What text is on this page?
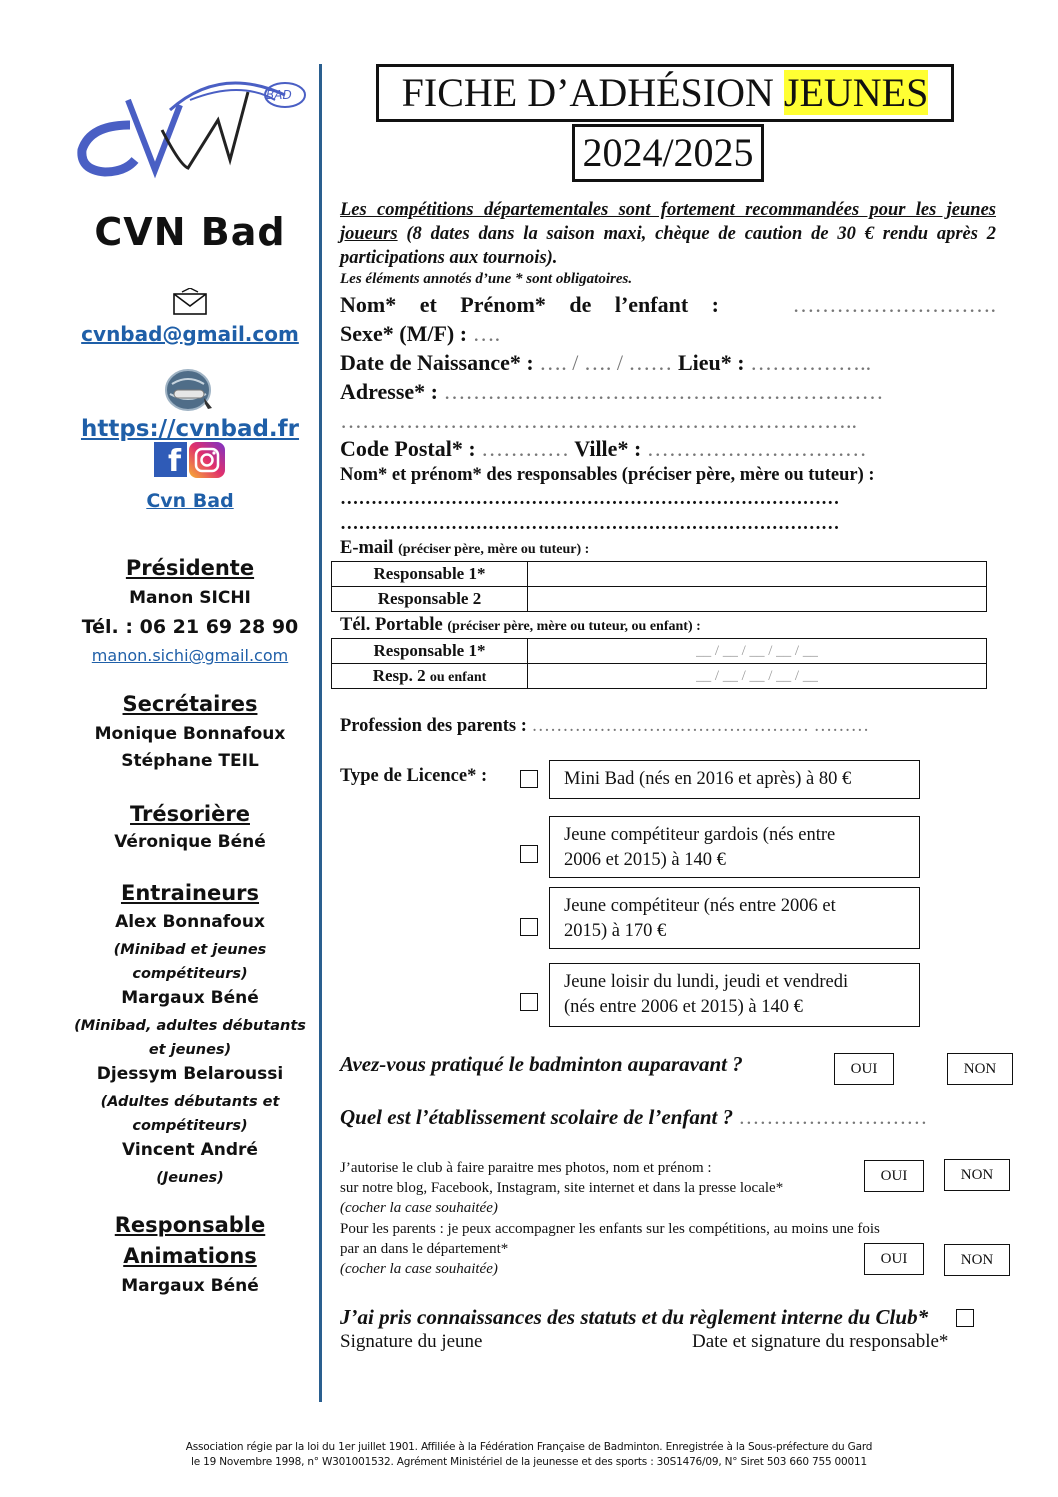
BAD
CVN Bad
cvnbad@gmail.com
https://cvnbad.fr
f
Cvn Bad
Présidente
Manon SICHI
Tél. : 06 21 69 28 90
manon.sichi@gmail.com
Secrétaires
Monique Bonnafoux
Stéphane TEIL
Trésorière
Véronique Béné
Entraineurs
Alex Bonnafoux
(Minibad et jeunes compétiteurs)
Margaux Béné
(Minibad, adultes débutants et jeunes)
Djessym Belaroussi
(Adultes débutants et compétiteurs)
Vincent André
(Jeunes)
Responsable
Animations
Margaux Béné
FICHE D’ADHÉSION JEUNES
2024/2025
Les compétitions départementales sont fortement recommandées pour les jeunes joueurs (8 dates dans la saison maxi, chèque de caution de 30 € rendu après 2 participations aux tournois).
Les éléments annotés d’une * sont obligatoires.
Nom* et Prénom* de l’enfant :	……………………….
Sexe* (M/F) : ….
Date de Naissance* : …. / …. / …… Lieu* : ……………..
Adresse* : ……………………………………………………
……………………………………………………………..
Code Postal* : ………… Ville* : …………………………
Nom* et prénom* des responsables (préciser père, mère ou tuteur) :
………………………………………………………………………
………………………………………………………………………
E-mail (préciser père, mère ou tuteur) :
Responsable 1*	
Responsable 2	
Tél. Portable (préciser père, mère ou tuteur, ou enfant) :
Responsable 1*	__ / __ / __ / __ / __
Resp. 2 ou enfant	__ / __ / __ / __ / __
Profession des parents : ……………………………………… ………
Type de Licence* :	Mini Bad (nés en 2016 et après) à 80 €
Jeune compétiteur gardois (nés entre
2006 et 2015) à 140 €
Jeune compétiteur (nés entre 2006 et
2015) à 170 €
Jeune loisir du lundi, jeudi et vendredi
(nés entre 2006 et 2015) à 140 €
Avez-vous pratiqué le badminton auparavant ?	OUI	NON
Quel est l’établissement scolaire de l’enfant ? ………………………
J’autorise le club à faire paraitre mes photos, nom et prénom :
sur notre blog, Facebook, Instagram, site internet et dans la presse locale*
(cocher la case souhaitée)
OUI	NON
Pour les parents : je peux accompagner les enfants sur les compétitions, au moins une fois
par an dans le département*
(cocher la case souhaitée)
OUI	NON
J’ai pris connaissances des statuts et du règlement interne du Club*
Signature du jeune	Date et signature du responsable*
Association régie par la loi du 1er juillet 1901. Affiliée à la Fédération Française de Badminton. Enregistrée à la Sous-préfecture du Gard
le 19 Novembre 1998, n° W301001532. Agrément Ministériel de la jeunesse et des sports : 30S1476/09, N° Siret 503 660 755 00011
